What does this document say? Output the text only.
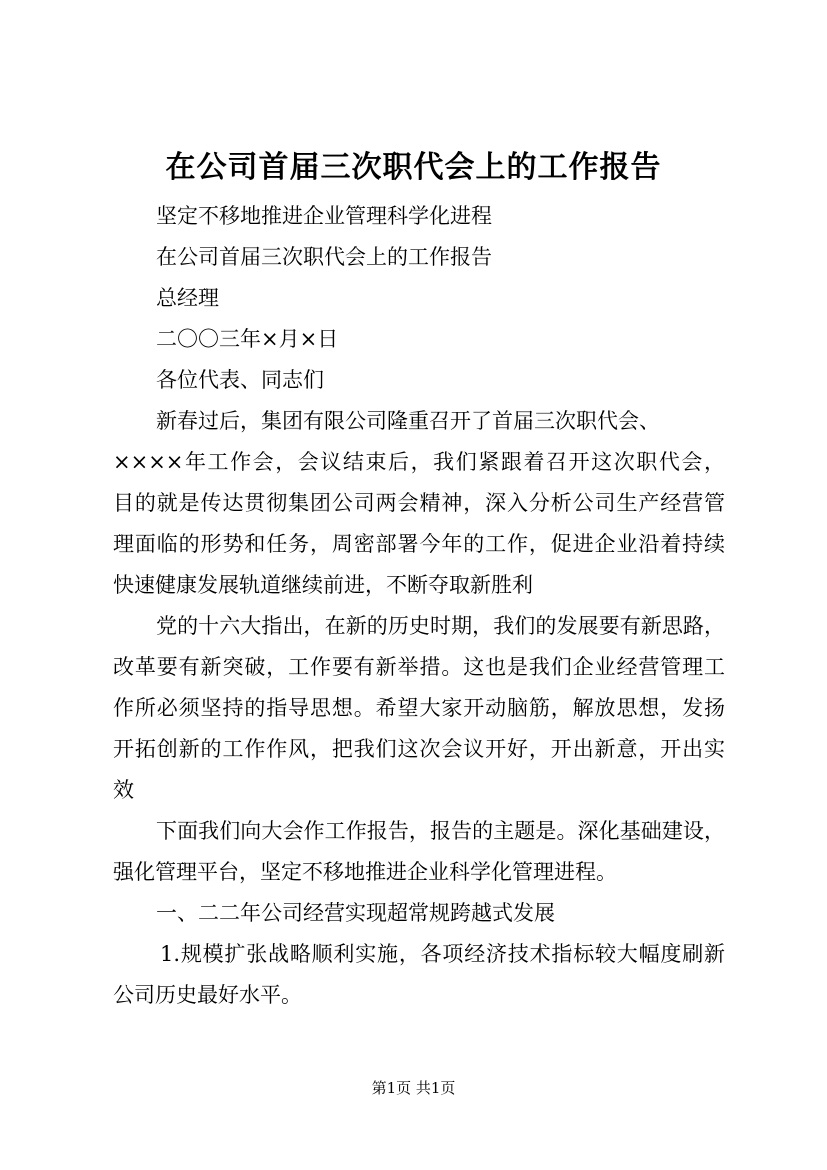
在公司首届三次职代会上的工作报告
坚定不移地推进企业管理科学化进程
在公司首届三次职代会上的工作报告
总经理
二〇〇三年×月×日
各位代表、同志们
新春过后，集团有限公司隆重召开了首届三次职代会、
××××年工作会，会议结束后，我们紧跟着召开这次职代会，
目的就是传达贯彻集团公司两会精神，深入分析公司生产经营管
理面临的形势和任务，周密部署今年的工作，促进企业沿着持续
快速健康发展轨道继续前进，不断夺取新胜利
党的十六大指出，在新的历史时期，我们的发展要有新思路，
改革要有新突破，工作要有新举措。这也是我们企业经营管理工
作所必须坚持的指导思想。希望大家开动脑筋，解放思想，发扬
开拓创新的工作作风，把我们这次会议开好，开出新意，开出实
效
下面我们向大会作工作报告，报告的主题是。深化基础建设，
强化管理平台，坚定不移地推进企业科学化管理进程。
一、二二年公司经营实现超常规跨越式发展
1.规模扩张战略顺利实施，各项经济技术指标较大幅度刷新
公司历史最好水平。
第1页 共1页
